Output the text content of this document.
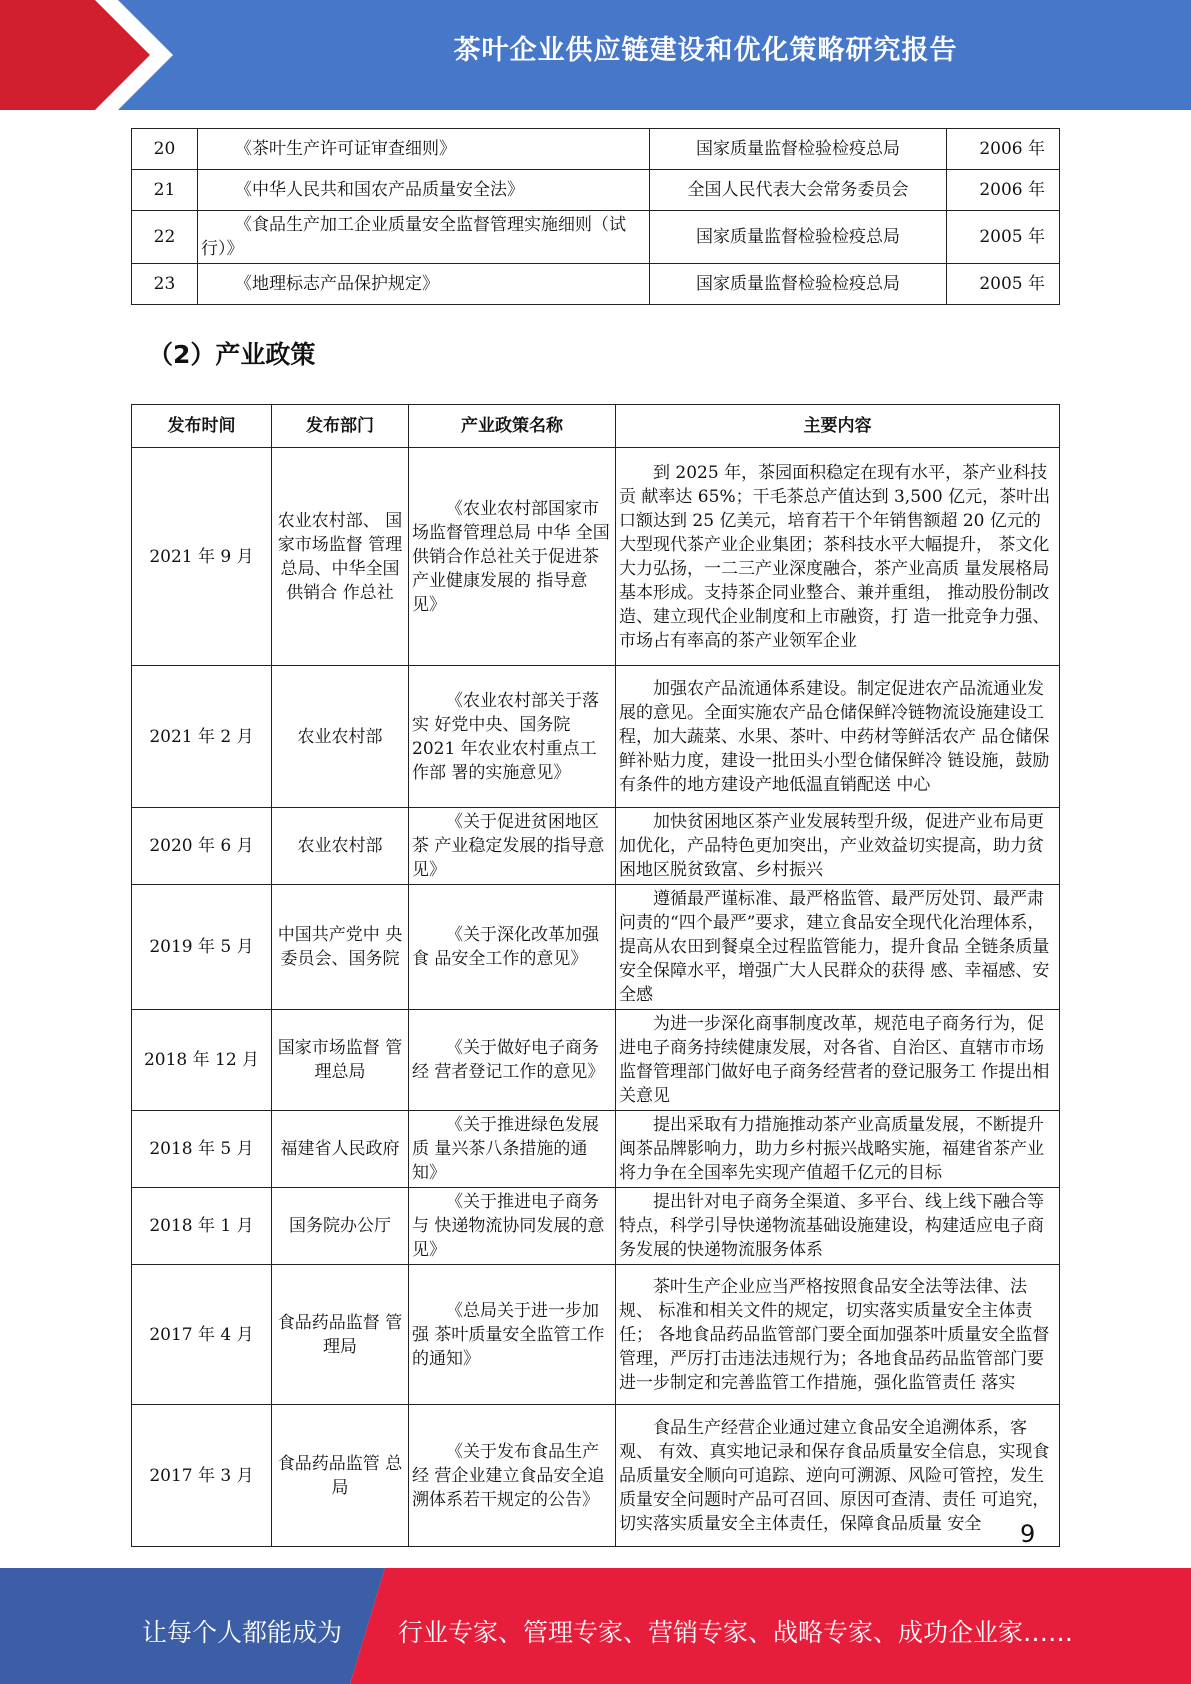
茶叶企业供应链建设和优化策略研究报告
20	《茶叶生产许可证审查细则》	国家质量监督检验检疫总局	2006 年
21	《中华人民共和国农产品质量安全法》	全国人民代表大会常务委员会	2006 年
22	《食品生产加工企业质量安全监督管理实施细则（试行）》	国家质量监督检验检疫总局	2005 年
23	《地理标志产品保护规定》	国家质量监督检验检疫总局	2005 年
（2）产业政策
发布时间	发布部门	产业政策名称	主要内容
2021 年 9 月	农业农村部、 国家市场监督 管理总局、中华全国供销合 作总社	《农业农村部国家市场监督管理总局 中华 全国供销合作总社关于促进茶产业健康发展的 指导意见》	到 2025 年，茶园面积稳定在现有水平，茶产业科技贡 献率达 65%；干毛茶总产值达到 3,500 亿元，茶叶出口额达到 25 亿美元，培育若干个年销售额超 20 亿元的大型现代茶产业企业集团；茶科技水平大幅提升， 茶文化大力弘扬，一二三产业深度融合，茶产业高质 量发展格局基本形成。支持茶企同业整合、兼并重组， 推动股份制改造、建立现代企业制度和上市融资，打 造一批竞争力强、市场占有率高的茶产业领军企业
2021 年 2 月	农业农村部	《农业农村部关于落实 好党中央、国务院 2021 年农业农村重点工作部 署的实施意见》	加强农产品流通体系建设。制定促进农产品流通业发 展的意见。全面实施农产品仓储保鲜冷链物流设施建设工程，加大蔬菜、水果、茶叶、中药材等鲜活农产 品仓储保鲜补贴力度，建设一批田头小型仓储保鲜冷 链设施，鼓励有条件的地方建设产地低温直销配送 中心
2020 年 6 月	农业农村部	《关于促进贫困地区茶 产业稳定发展的指导意 见》	加快贫困地区茶产业发展转型升级，促进产业布局更 加优化，产品特色更加突出，产业效益切实提高，助力贫困地区脱贫致富、乡村振兴
2019 年 5 月	中国共产党中 央委员会、国务院	《关于深化改革加强食 品安全工作的意见》	遵循最严谨标准、最严格监管、最严厉处罚、最严肃 问责的“四个最严”要求，建立食品安全现代化治理体系，提高从农田到餐桌全过程监管能力，提升食品 全链条质量安全保障水平，增强广大人民群众的获得 感、幸福感、安全感
2018 年 12 月	国家市场监督 管理总局	《关于做好电子商务经 营者登记工作的意见》	为进一步深化商事制度改革，规范电子商务行为，促 进电子商务持续健康发展，对各省、自治区、直辖市市场监督管理部门做好电子商务经营者的登记服务工 作提出相关意见
2018 年 5 月	福建省人民政府	《关于推进绿色发展质 量兴茶八条措施的通知》	提出采取有力措施推动茶产业高质量发展，不断提升 闽茶品牌影响力，助力乡村振兴战略实施，福建省茶产业将力争在全国率先实现产值超千亿元的目标
2018 年 1 月	国务院办公厅	《关于推进电子商务与 快递物流协同发展的意 见》	提出针对电子商务全渠道、多平台、线上线下融合等 特点，科学引导快递物流基础设施建设，构建适应电子商务发展的快递物流服务体系
2017 年 4 月	食品药品监督 管理局	《总局关于进一步加强 茶叶质量安全监管工作 的通知》	茶叶生产企业应当严格按照食品安全法等法律、法规、 标准和相关文件的规定，切实落实质量安全主体责任； 各地食品药品监管部门要全面加强茶叶质量安全监督 管理，严厉打击违法违规行为；各地食品药品监管部门要进一步制定和完善监管工作措施，强化监管责任 落实
2017 年 3 月	食品药品监管 总局	《关于发布食品生产经 营企业建立食品安全追 溯体系若干规定的公告》	食品生产经营企业通过建立食品安全追溯体系，客观、 有效、真实地记录和保存食品质量安全信息，实现食 品质量安全顺向可追踪、逆向可溯源、风险可管控，发生质量安全问题时产品可召回、原因可查清、责任 可追究，切实落实质量安全主体责任，保障食品质量 安全 9
让每个人都能成为 行业专家、管理专家、营销专家、战略专家、成功企业家……
